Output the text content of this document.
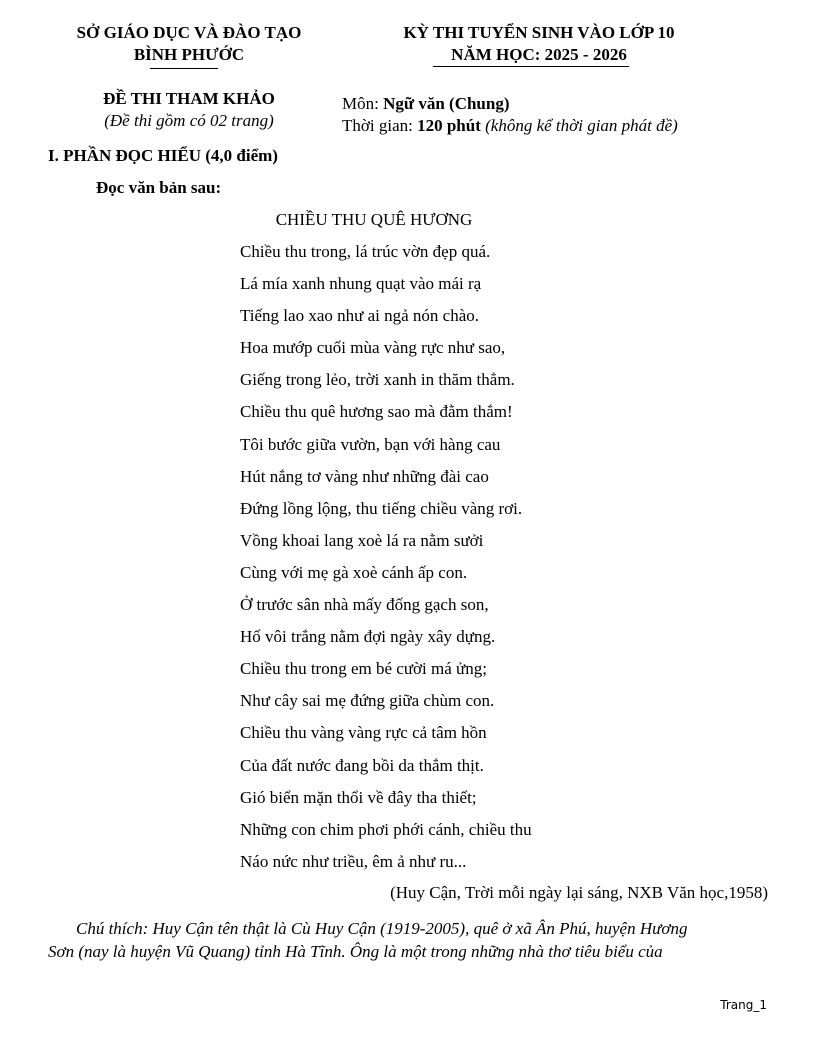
SỞ GIÁO DỤC VÀ ĐÀO TẠO
BÌNH PHƯỚC
KỲ THI TUYỂN SINH VÀO LỚP 10
NĂM HỌC: 2025 - 2026
ĐỀ THI THAM KHẢO
(Đề thi gồm có 02 trang)
Môn: Ngữ văn (Chung)
Thời gian: 120 phút (không kể thời gian phát đề)
I. PHẦN ĐỌC HIỂU (4,0 điểm)
Đọc văn bản sau:
CHIỀU THU QUÊ HƯƠNG
Chiều thu trong, lá trúc vờn đẹp quá.
Lá mía xanh nhung quạt vào mái rạ
Tiếng lao xao như ai ngả nón chào.
Hoa mướp cuối mùa vàng rực như sao,
Giếng trong lẻo, trời xanh in thăm thẳm.
Chiều thu quê hương sao mà đằm thắm!
Tôi bước giữa vườn, bạn với hàng cau
Hút nắng tơ vàng như những đài cao
Đứng lồng lộng, thu tiếng chiều vàng rơi.
Vồng khoai lang xoè lá ra nằm sưởi
Cùng với mẹ gà xoè cánh ấp con.
Ở trước sân nhà mấy đống gạch son,
Hố vôi trắng nằm đợi ngày xây dựng.
Chiều thu trong em bé cười má ửng;
Như cây sai mẹ đứng giữa chùm con.
Chiều thu vàng vàng rực cả tâm hồn
Của đất nước đang bồi da thắm thịt.
Gió biển mặn thổi về đây tha thiết;
Những con chim phơi phới cánh, chiều thu
Náo nức như triều, êm ả như ru...
(Huy Cận, Trời mỗi ngày lại sáng, NXB Văn học,1958)
Chú thích: Huy Cận tên thật là Cù Huy Cận (1919-2005), quê ở xã Ân Phú, huyện Hương
Sơn (nay là huyện Vũ Quang) tỉnh Hà Tĩnh. Ông là một trong những nhà thơ tiêu biểu của
Trang_1
